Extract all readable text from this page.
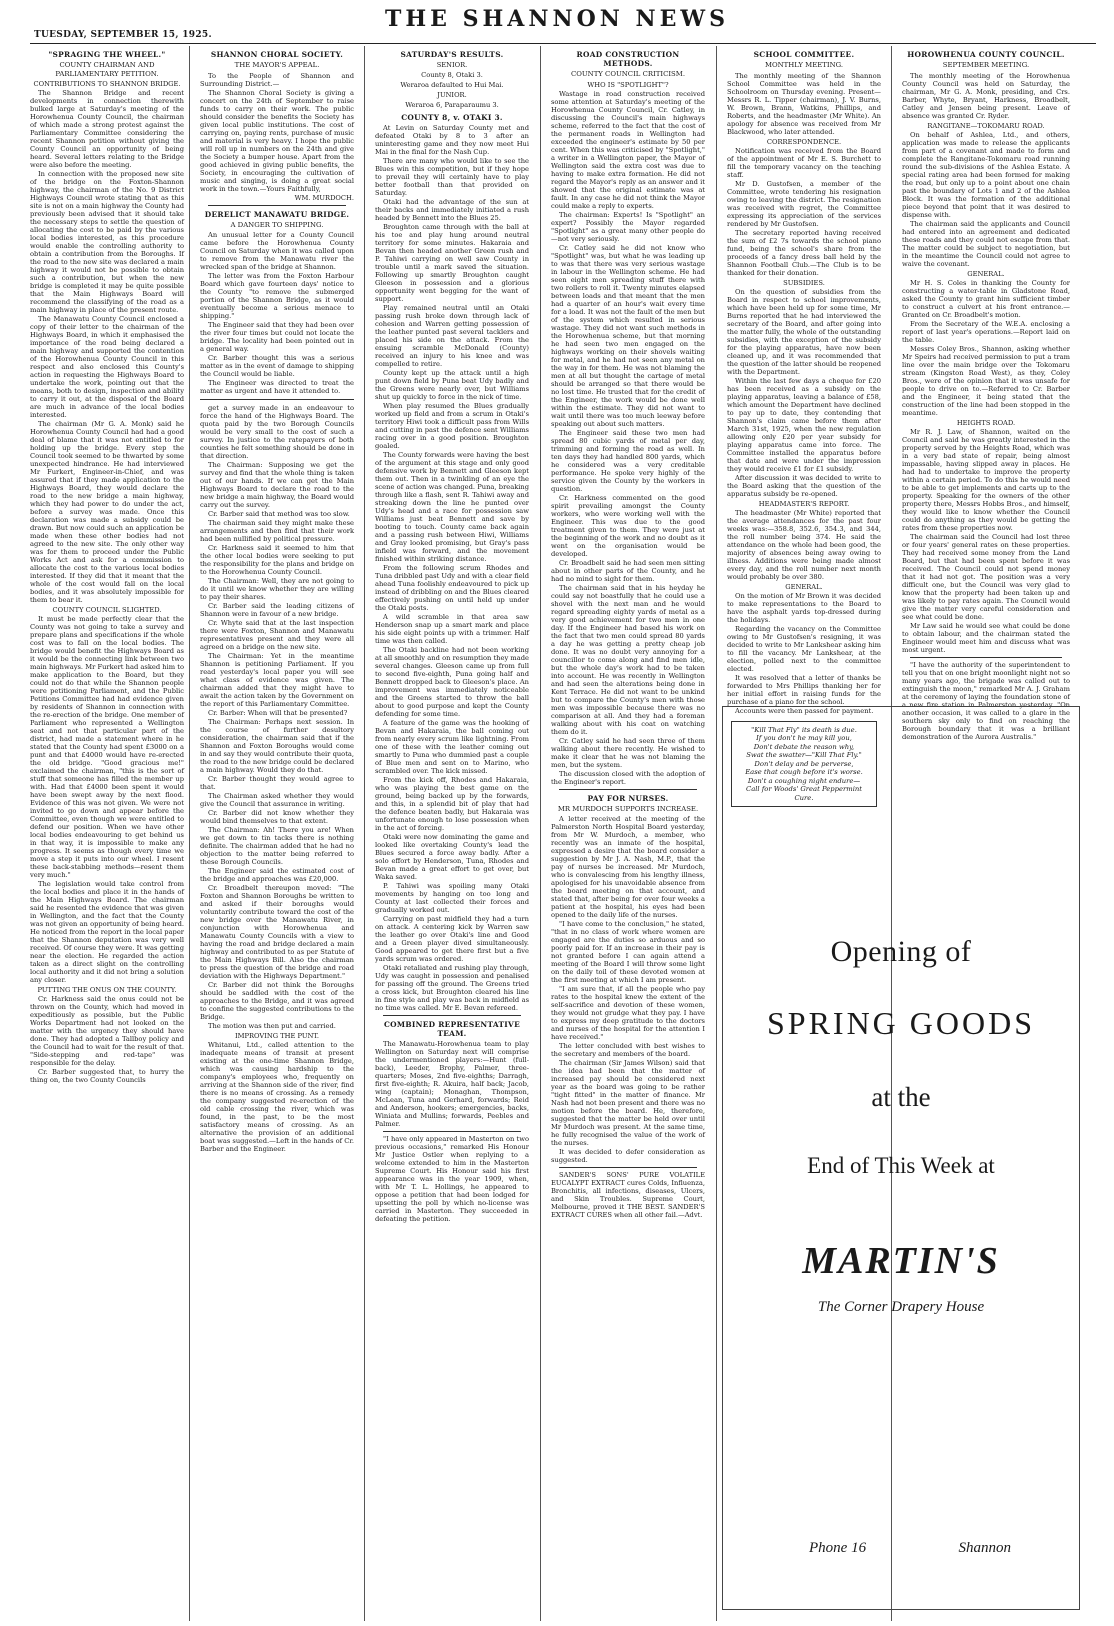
TUESDAY, SEPTEMBER 15, 1925.
THE SHANNON NEWS
"SPRAGING THE WHEEL."
COUNTY CHAIRMAN AND PARLIAMENTARY PETITION.
CONTRIBUTIONS TO SHANNON BRIDGE.

The Shannon Bridge and recent developments in connection therewith bulked large at Saturday's meeting of the Horowhenua County Council, the chairman of which made a strong protest against the Parliamentary Committee considering the recent Shannon petition without giving the County Council an opportunity of being heard. Several letters relating to the Bridge were also before the meeting.

In connection with the proposed new site of the bridge on the Foxton-Shannon highway, the chairman of the No. 9 District Highways Council wrote stating that as this site is not on a main highway the County had previously been advised that it should take the necessary steps to settle the question of allocating the cost to be paid by the various local bodies interested, as this procedure would enable the controlling authority to obtain a contribution from the Boroughs. If the road to the new site was declared a main highway it would not be possible to obtain such a contribution, but when the new bridge is completed it may be quite possible that the Main Highways Board will recommend the classifying of the road as a main highway in place of the present route.

The Manawatu County Council enclosed a copy of their letter to the chairman of the Highways Board, in which it emphasised the importance of the road being declared a main highway and supported the contention of the Horowhenua County Council in this respect and also enclosed this County's action in requesting the Highways Board to undertake the work, pointing out that the means, both to design, inspection and ability to carry it out, at the disposal of the Board are much in advance of the local bodies interested.

The chairman (Mr G. A. Monk) said he Horowhenua County Council had had a good deal of blame that it was not entitled to for holding up the bridge. Every step the Council took seemed to be thwarted by some unexpected hindrance. He had interviewed Mr Furkert, Engineer-in-Chief, and was assured that if they made application to the Highways Board, they would declare the road to the new bridge a main highway, which they had power to do under the act, before a survey was made. Once this declaration was made a subsidy could be drawn. But now could such an application be made when these other bodies had not agreed to the new site. The only other way was for them to proceed under the Public Works Act and ask for a commission to allocate the cost to the various local bodies interested. If they did that it meant that the whole of the cost would fall on the local bodies, and it was absolutely impossible for them to bear it.

COUNTY COUNCIL SLIGHTED.

It must be made perfectly clear that the County was not going to take a survey and prepare plans and specifications if the whole cost was to fall on the local bodies. The bridge would benefit the Highways Board as it would be the connecting link between two main highways. Mr Furkert had asked him to make application to the Board, but they could not do that while the Shannon people were petitioning Parliament, and the Public Petitions Committee had had evidence given by residents of Shannon in connection with the re-erection of the bridge. One member of Parliament who represented a Wellington seat and not that particular part of the district, had made a statement where in he stated that the County had spent £3000 on a punt and that £4000 would have re-erected the old bridge. "Good gracious me!" exclaimed the chairman, "this is the sort of stuff that someone has filled the member up with. Had that £4000 been spent it would have been swept away by the next flood. Evidence of this was not given. We were not invited to go down and appear before the Committee, even though we were entitled to defend our position. When we have other local bodies endeavouring to get behind us in that way, it is impossible to make any progress. It seems as though every time we move a step it puts into our wheel. I resent these back-stabbing methods—resent them very much."

The legislation would take control from the local bodies and place it in the hands of the Main Highways Board. The chairman said he resented the evidence that was given in Wellington, and the fact that the County was not given an opportunity of being heard. He noticed from the report in the local paper that the Shannon deputation was very well received. Of course they were. It was getting near the election. He regarded the action taken as a direct slight on the controlling local authority and it did not bring a solution any closer.

PUTTING THE ONUS ON THE COUNTY.

Cr. Harkness said the onus could not be thrown on the County, which had moved in expeditiously as possible, but the Public Works Department had not looked on the matter with the urgency they should have done. They had adopted a Tallboy policy and the Council had to wait for the result of that. "Side-stepping and red-tape" was responsible for the delay.

Cr. Barber suggested that, to hurry the thing on, the two County Councils

SHANNON CHORAL SOCIETY.
THE MAYOR'S APPEAL.

To the People of Shannon and Surrounding District.—

The Shannon Choral Society is giving a concert on the 24th of September to raise funds to carry on their work. The public should consider the benefits the Society has given local public institutions. The cost of carrying on, paying rents, purchase of music and material is very heavy. I hope the public will roll up in numbers on the 24th and give the Society a bumper house. Apart from the good achieved in giving public benefits, the Society, in encouraging the cultivation of music and singing, is doing a great social work in the town.—Yours Faithfully,

WM. MURDOCH.

DERELICT MANAWATU BRIDGE.
A DANGER TO SHIPPING.

An unusual letter for a County Council came before the Horowhenua County Council on Saturday when it was called upon to remove from the Manawatu river the wrecked span of the bridge at Shannon.

The letter was from the Foxton Harbour Board which gave fourteen days' notice to the County "to remove the submerged portion of the Shannon Bridge, as it would eventually become a serious menace to shipping."

The Engineer said that they had been over the river four times but could not locate the bridge. The locality had been pointed out in a general way.

Cr. Barber thought this was a serious matter as in the event of damage to shipping the Council would be liable.

The Engineer was directed to treat the matter as urgent and have it attended to.

get a survey made in an endeavour to force the hand of the Highways Board. The quota paid by the two Borough Councils would be very small to the cost of such a survey. In justice to the ratepayers of both counties he felt something should be done in that direction.

The Chairman: Supposing we get the survey and find that the whole thing is taken out of our hands. If we can get the Main Highways Board to declare the road to the new bridge a main highway, the Board would carry out the survey.

Cr. Barber said that method was too slow.

The chairman said they might make these arrangements and then find that their work had been nullified by political pressure.

Cr. Harkness said it seemed to him that the other local bodies were seeking to put the responsibility for the plans and bridge on to the Horowhenua County Council.

The Chairman: Well, they are not going to do it until we know whether they are willing to pay their shares.

Cr. Barber said the leading citizens of Shannon were in favour of a new bridge.

Cr. Whyte said that at the last inspection there were Foxton, Shannon and Manawatu representatives present and they were all agreed on a bridge on the new site.

The Chairman: Yet in the meantime Shannon is petitioning Parliament. If you read yesterday's local paper you will see what class of evidence was given. The chairman added that they might have to await the action taken by the Government on the report of this Parliamentary Committee.

Cr. Barber: When will that be presented?

The Chairman: Perhaps next session. In the course of further desultory consideration, the chairman said that if the Shannon and Foxton Boroughs would come in and say they would contribute their quota, the road to the new bridge could be declared a main highway. Would they do that.

Cr. Barber thought they would agree to that.

The Chairman asked whether they would give the Council that assurance in writing.

Cr. Barber did not know whether they would bind themselves to that extent.

The Chairman: Ah! There you are! When we get down to tin tacks there is nothing definite. The chairman added that he had no objection to the matter being referred to these Borough Councils.

The Engineer said the estimated cost of the bridge and approaches was £20,000.

Cr. Broadbelt thereupon moved: "The Foxton and Shannon Boroughs be written to and asked if their boroughs would voluntarily contribute toward the cost of the new bridge over the Manawatu River, in conjunction with Horowhenua and Manawatu County Councils with a view to having the road and bridge declared a main highway and contributed to as per Statute of the Main Highways Bill. Also the chairman to press the question of the bridge and road deviation with the Highways Department."

Cr. Barber did not think the Boroughs should be saddled with the cost of the approaches to the Bridge, and it was agreed to confine the suggested contributions to the Bridge.

The motion was then put and carried.

IMPROVING THE PUNT.

Whitanui, Ltd., called attention to the inadequate means of transit at present existing at the one-time Shannon Bridge, which was causing hardship to the company's employees who, frequently on arriving at the Shannon side of the river, find there is no means of crossing. As a remedy the company suggested re-erection of the old cable crossing the river, which was found, in the past, to be the most satisfactory means of crossing. As an alternative the provision of an additional boat was suggested.—Left in the hands of Cr. Barber and the Engineer.

SATURDAY'S RESULTS.
SENIOR.
County 8, Otaki 3.
Weraroa defaulted to Hui Mai.
JUNIOR.
Weraroa 6, Paraparaumu 3.
COUNTY 8, v. OTAKI 3.

At Levin on Saturday County met and defeated Otaki by 8 to 3 after an uninteresting game and they now meet Hui Mai in the final for the Nash Cup.

There are many who would like to see the Blues win this competition, but if they hope to prevail they will certainly have to play better football than that provided on Saturday.

Otaki had the advantage of the sun at their backs and immediately initiated a rush headed by Bennett into the Blues 25.

Broughton came through with the ball at his toe and play hung around neutral territory for some minutes. Hakaraia and Bevan then headed another Green rush and P. Tahiwi carrying on well saw County in trouble until a mark saved the situation. Following up smartly Broughton caught Gleeson in possession and a glorious opportunity went begging for the want of support.

Play remained neutral until an Otaki passing rush broke down through lack of cohesion and Warren getting possession of the leather punted past several tacklers and placed his side on the attack. From the ensuing scramble McDonald (County) received an injury to his knee and was compelled to retire.

County kept up the attack until a high punt down field by Puna beat Udy badly and the Greens were nearly over, but Williams shut up quickly to force in the nick of time.

When play resumed the Blues gradually worked up field and from a scrum in Otaki's territory Hiwi took a difficult pass from Wills and cutting in past the defence sent Williams racing over in a good position. Broughton goaled.

The County forwards were having the best of the argument at this stage and only good defensive work by Bennett and Gleeson kept them out. Then in a twinkling of an eye the scene of action was changed. Puna, breaking through like a flash, sent R. Tahiwi away and streaking down the line he punted over Udy's head and a race for possession saw Williams just beat Bennett and save by booting to touch. County came back again and a passing rush between Hiwi, Williams and Gray looked promising, but Gray's pass infield was forward, and the movement finished within striking distance.

From the following scrum Rhodes and Tuna dribbled past Udy and with a clear field ahead Tuna foolishly endeavoured to pick up instead of dribbling on and the Blues cleared effectively pushing on until held up under the Otaki posts.

A wild scramble in that area saw Henderson snap up a smart mark and place his side eight points up with a trimmer. Half time was then called.

The Otaki backline had not been working at all smoothly and on resumption they made several changes. Gleeson came up from full to second five-eighth, Puna going half and Bennett dropped back to Gleeson's place. An improvement was immediately noticeable and the Greens started to throw the ball about to good purpose and kept the County defending for some time.

A feature of the game was the hooking of Bevan and Hakaraia, the ball coming out from nearly every scrum like lightning. From one of these with the leather coming out smartly to Puna who dummied past a couple of Blue men and sent on to Marino, who scrambled over. The kick missed.

From the kick off, Rhodes and Hakaraia, who was playing the best game on the ground, being backed up by the forwards, and this, in a splendid bit of play that had the defence beaten badly, but Hakaraia was unfortunate enough to lose possession when in the act of forcing.

Otaki were now dominating the game and looked like overtaking County's lead the Blues secured a force away badly. After a solo effort by Henderson, Tuna, Rhodes and Bevan made a great effort to get over, but Waka saved.

P. Tahiwi was spoiling many Otaki movements by hanging on too long and County at last collected their forces and gradually worked out.

Carrying on past midfield they had a turn on attack. A centering kick by Warren saw the leather go over Otaki's line and Good and a Green player dived simultaneously. Good appeared to get there first but a five yards scrum was ordered.

Otaki retaliated and rushing play through, Udy was caught in possession and penalised for passing off the ground. The Greens tried a cross kick, but Broughton cleared his line in fine style and play was back in midfield as no time was called. Mr E. Bevan refereed.

COMBINED REPRESENTATIVE TEAM.

The Manawatu-Horowhenua team to play Wellington on Saturday next will comprise the undermentioned players:—Hunt (full-back), Leeder, Brophy, Palmer, three-quarters; Moses, 2nd five-eighths; Darragh, first five-eighth; R. Akuira, half back; Jacob, wing (captain); Monaghan, Thompson, McLean, Tuna and Gerhard, forwards; Reid and Anderson, hookers; emergencies, backs, Winiata and Mullins; forwards, Peebles and Palmer.

"I have only appeared in Masterton on two previous occasions," remarked His Honour Mr Justice Ostler when replying to a welcome extended to him in the Masterton Supreme Court. His Honour said his first appearance was in the year 1909, when, with Mr T. L. Hollings, he appeared to oppose a petition that had been lodged for upsetting the poll by which no-license was carried in Masterton. They succeeded in defeating the petition.

ROAD CONSTRUCTION METHODS.
COUNTY COUNCIL CRITICISM.
WHO IS "SPOTLIGHT"?

Wastage in road construction received some attention at Saturday's meeting of the Horowhenua County Council, Cr. Catley, in discussing the Council's main highways scheme, referred to the fact that the cost of the permanent roads in Wellington had exceeded the engineer's estimate by 50 per cent. When this was criticised by "Spotlight," a writer in a Wellington paper, the Mayor of Wellington said the extra cost was due to having to make extra formation. He did not regard the Mayor's reply as an answer and it showed that the original estimate was at fault. In any case he did not think the Mayor could make a reply to experts.

The chairman: Experts! Is "Spotlight" an expert? Possibly the Mayor regarded "Spotlight" as a great many other people do—not very seriously.

Cr. Catley said he did not know who "Spotlight" was, but what he was leading up to was that there was very serious wastage in labour in the Wellington scheme. He had seen eight men spreading stuff there with two rollers to roll it. Twenty minutes elapsed between loads and that meant that the men had a quarter of an hour's wait every time for a load. It was not the fault of the men but of the system which resulted in serious wastage. They did not want such methods in the Horowhenua scheme, but that morning he had seen two men engaged on the highways working on their shovels waiting for metal, and he had not seen any metal on the way in for them. He was not blaming the men at all but thought the cartage of metal should be arranged so that there would be no lost time. He trusted that for the credit of the Engineer, the work would be done well within the estimate. They did not want to wait until there was too much leeway before speaking out about such matters.

The Engineer said these two men had spread 80 cubic yards of metal per day, trimming and forming the road as well. In ten days they had handled 800 yards, which he considered was a very creditable performance. He spoke very highly of the service given the County by the workers in question.

Cr. Harkness commented on the good spirit prevailing amongst the County workers, who were working well with the Engineer. This was due to the good treatment given to them. They were just at the beginning of the work and no doubt as it went on the organisation would be developed.

Cr. Broadbelt said he had seen men sitting about in other parts of the County, and he had no mind to sight for them.

The chairman said that in his heyday he could say not boastfully that he could use a shovel with the next man and he would regard spreading eighty yards of metal as a very good achievement for two men in one day. If the Engineer had based his work on the fact that two men could spread 80 yards a day he was getting a pretty cheap job done. It was no doubt very annoying for a councillor to come along and find men idle, but the whole day's work had to be taken into account. He was recently in Wellington and had seen the alterations being done in Kent Terrace. He did not want to be unkind but to compare the County's men with those men was impossible because there was no comparison at all. And they had a foreman walking about with his coat on watching them do it.

Cr. Catley said he had seen three of them walking about there recently. He wished to make it clear that he was not blaming the men, but the system.

The discussion closed with the adoption of the Engineer's report.

PAY FOR NURSES.
MR MURDOCH SUPPORTS INCREASE.

A letter received at the meeting of the Palmerston North Hospital Board yesterday, from Mr W. Murdoch, a member, who recently was an inmate of the hospital, expressed a desire that the board consider a suggestion by Mr J. A. Nash, M.P., that the pay of nurses be increased. Mr Murdoch, who is convalescing from his lengthy illness, apologised for his unavoidable absence from the board meeting on that account, and stated that, after being for over four weeks a patient at the hospital, his eyes had been opened to the daily life of the nurses.

"I have come to the conclusion," he stated, "that in no class of work where women are engaged are the duties so arduous and so poorly paid for. If an increase in their pay is not granted before I can again attend a meeting of the Board I will throw some light on the daily toil of these devoted women at the first meeting at which I am present.

"I am sure that, if all the people who pay rates to the hospital knew the extent of the self-sacrifice and devotion of these women, they would not grudge what they pay. I have to express my deep gratitude to the doctors and nurses of the hospital for the attention I have received."

The letter concluded with best wishes to the secretary and members of the board.

The chairman (Sir James Wilson) said that the idea had been that the matter of increased pay should be considered next year as the board was going to be rather "tight fitted" in the matter of finance. Mr Nash had not been present and there was no motion before the board. He, therefore, suggested that the matter be held over until Mr Murdoch was present. At the same time, he fully recognised the value of the work of the nurses.

It was decided to defer consideration as suggested.

SANDER'S SONS' PURE VOLATILE EUCALYPT EXTRACT cures Colds, Influenza, Bronchitis, all infections, diseases, Ulcers, and Skin Troubles. Supreme Court, Melbourne, proved it THE BEST. SANDER'S EXTRACT CURES when all other fail.—Advt.

SCHOOL COMMITTEE.
MONTHLY MEETING.

The monthly meeting of the Shannon School Committee was held in the Schoolroom on Thursday evening. Present—Messrs R. L. Tipper (chairman), J. V. Burns, W. Brown, Brann, Watkins, Phillips, and Roberts, and the headmaster (Mr White). An apology for absence was received from Mr Blackwood, who later attended.

CORRESPONDENCE.

Notification was received from the Board of the appointment of Mr E. S. Burchett to fill the temporary vacancy on the teaching staff.

Mr D. Gustofsen, a member of the Committee, wrote tendering his resignation owing to leaving the district. The resignation was received with regret, the Committee expressing its appreciation of the services rendered by Mr Gustofsen.

The secretary reported having received the sum of £2 7s towards the school piano fund, being the school's share from the proceeds of a fancy dress ball held by the Shannon Football Club.—The Club is to be thanked for their donation.

SUBSIDIES.

On the question of subsidies from the Board in respect to school improvements, which have been held up for some time, Mr Burns reported that he had interviewed the secretary of the Board, and after going into the matter fully, the whole of the outstanding subsidies, with the exception of the subsidy for the playing apparatus, have now been cleaned up, and it was recommended that the question of the latter should be reopened with the Department.

Within the last few days a cheque for £20 has been received as a subsidy on the playing apparatus, leaving a balance of £58, which amount the Department have declined to pay up to date, they contending that Shannon's claim came before them after March 31st, 1925, when the new regulation allowing only £20 per year subsidy for playing apparatus came into force. The Committee installed the apparatus before that date and were under the impression they would receive £1 for £1 subsidy.

After discussion it was decided to write to the Board asking that the question of the apparatus subsidy be re-opened.

HEADMASTER'S REPORT.

The headmaster (Mr White) reported that the average attendances for the past four weeks was:—358.8, 352.6, 354.3, and 344, the roll number being 374. He said the attendance on the whole had been good, the majority of absences being away owing to illness. Additions were being made almost every day, and the roll number next month would probably be over 380.

GENERAL.

On the motion of Mr Brown it was decided to make representations to the Board to have the asphalt yards top-dressed during the holidays.

Regarding the vacancy on the Committee owing to Mr Gustofsen's resigning, it was decided to write to Mr Lankshear asking him to fill the vacancy. Mr Lankshear, at the election, polled next to the committee elected.

It was resolved that a letter of thanks be forwarded to Mrs Phillips thanking her for her initial effort in raising funds for the purchase of a piano for the school.

Accounts were then passed for payment.

"Kill That Fly" its death is due.
If you don't he may kill you,
Don't debate the reason why,
Swat the swatter—"Kill That Fly."
Don't delay and be perverse,
Ease that cough before it's worse.
Don't a coughing night endure—
Call for Woods' Great Peppermint Cure.
HOROWHENUA COUNTY COUNCIL.
SEPTEMBER MEETING.

The monthly meeting of the Horowhenua County Council was held on Saturday, the chairman, Mr G. A. Monk, presiding, and Crs. Barber, Whyte, Bryant, Harkness, Broadbelt, Catley and Jensen being present. Leave of absence was granted Cr. Ryder.

RANGITANE—TOKOMARU ROAD.

On behalf of Ashlea, Ltd., and others, application was made to release the applicants from part of a covenant and made to form and complete the Rangitane-Tokomaru road running round the sub-divisions of the Ashlea Estate. A special rating area had been formed for making the road, but only up to a point about one chain past the boundary of Lots 1 and 2 of the Ashlea Block. It was the formation of the additional piece beyond that point that it was desired to dispense with.

The chairman said the applicants and Council had entered into an agreement and dedicated these roads and they could not escape from that. The matter could be subject to negotiation, but in the meantime the Council could not agree to waive the covenant.

GENERAL.

Mr H. S. Coles in thanking the County for constructing a water-table in Gladstone Road, asked the County to grant him sufficient timber to construct a culvert at his front entrance.—Granted on Cr. Broadbelt's motion.

From the Secretary of the W.E.A. enclosing a report of last year's operations.—Report laid on the table.

Messrs Coley Bros., Shannon, asking whether Mr Speirs had received permission to put a tram line over the main bridge over the Tokomaru stream (Kingston Road West), as they, Coley Bros., were of the opinion that it was unsafe for people to drive on to.—Referred to Cr. Barber and the Engineer, it being stated that the construction of the line had been stopped in the meantime.

HEIGHTS ROAD.

Mr R. J. Law, of Shannon, waited on the Council and said he was greatly interested in the property served by the Heights Road, which was in a very bad state of repair, being almost impassable, having slipped away in places. He had had to undertake to improve the property within a certain period. To do this he would need to be able to get implements and carts up to the property. Speaking for the owners of the other property there, Messrs Hobbs Bros., and himself, they would like to know whether the Council could do anything as they would be getting the rates from these properties now.

The chairman said the Council had lost three or four years' general rates on these properties. They had received some money from the Land Board, but that had been spent before it was received. The Council could not spend money that it had not got. The position was a very difficult one, but the Council was very glad to know that the property had been taken up and was likely to pay rates again. The Council would give the matter very careful consideration and see what could be done.

Mr Law said he would see what could be done to obtain labour, and the chairman stated the Engineer would meet him and discuss what was most urgent.

"I have the authority of the superintendent to tell you that on one bright moonlight night not so many years ago, the brigade was called out to extinguish the moon," remarked Mr A. J. Graham at the ceremony of laying the foundation stone of a new fire station in Palmerston yesterday. "On another occasion, it was called to a glare in the southern sky only to find on reaching the Borough boundary that it was a brilliant demonstration of the Aurora Australis."

Opening of
SPRING GOODS
at the
End of This Week at
MARTIN'S
The Corner Drapery House
Phone 16	Shannon
